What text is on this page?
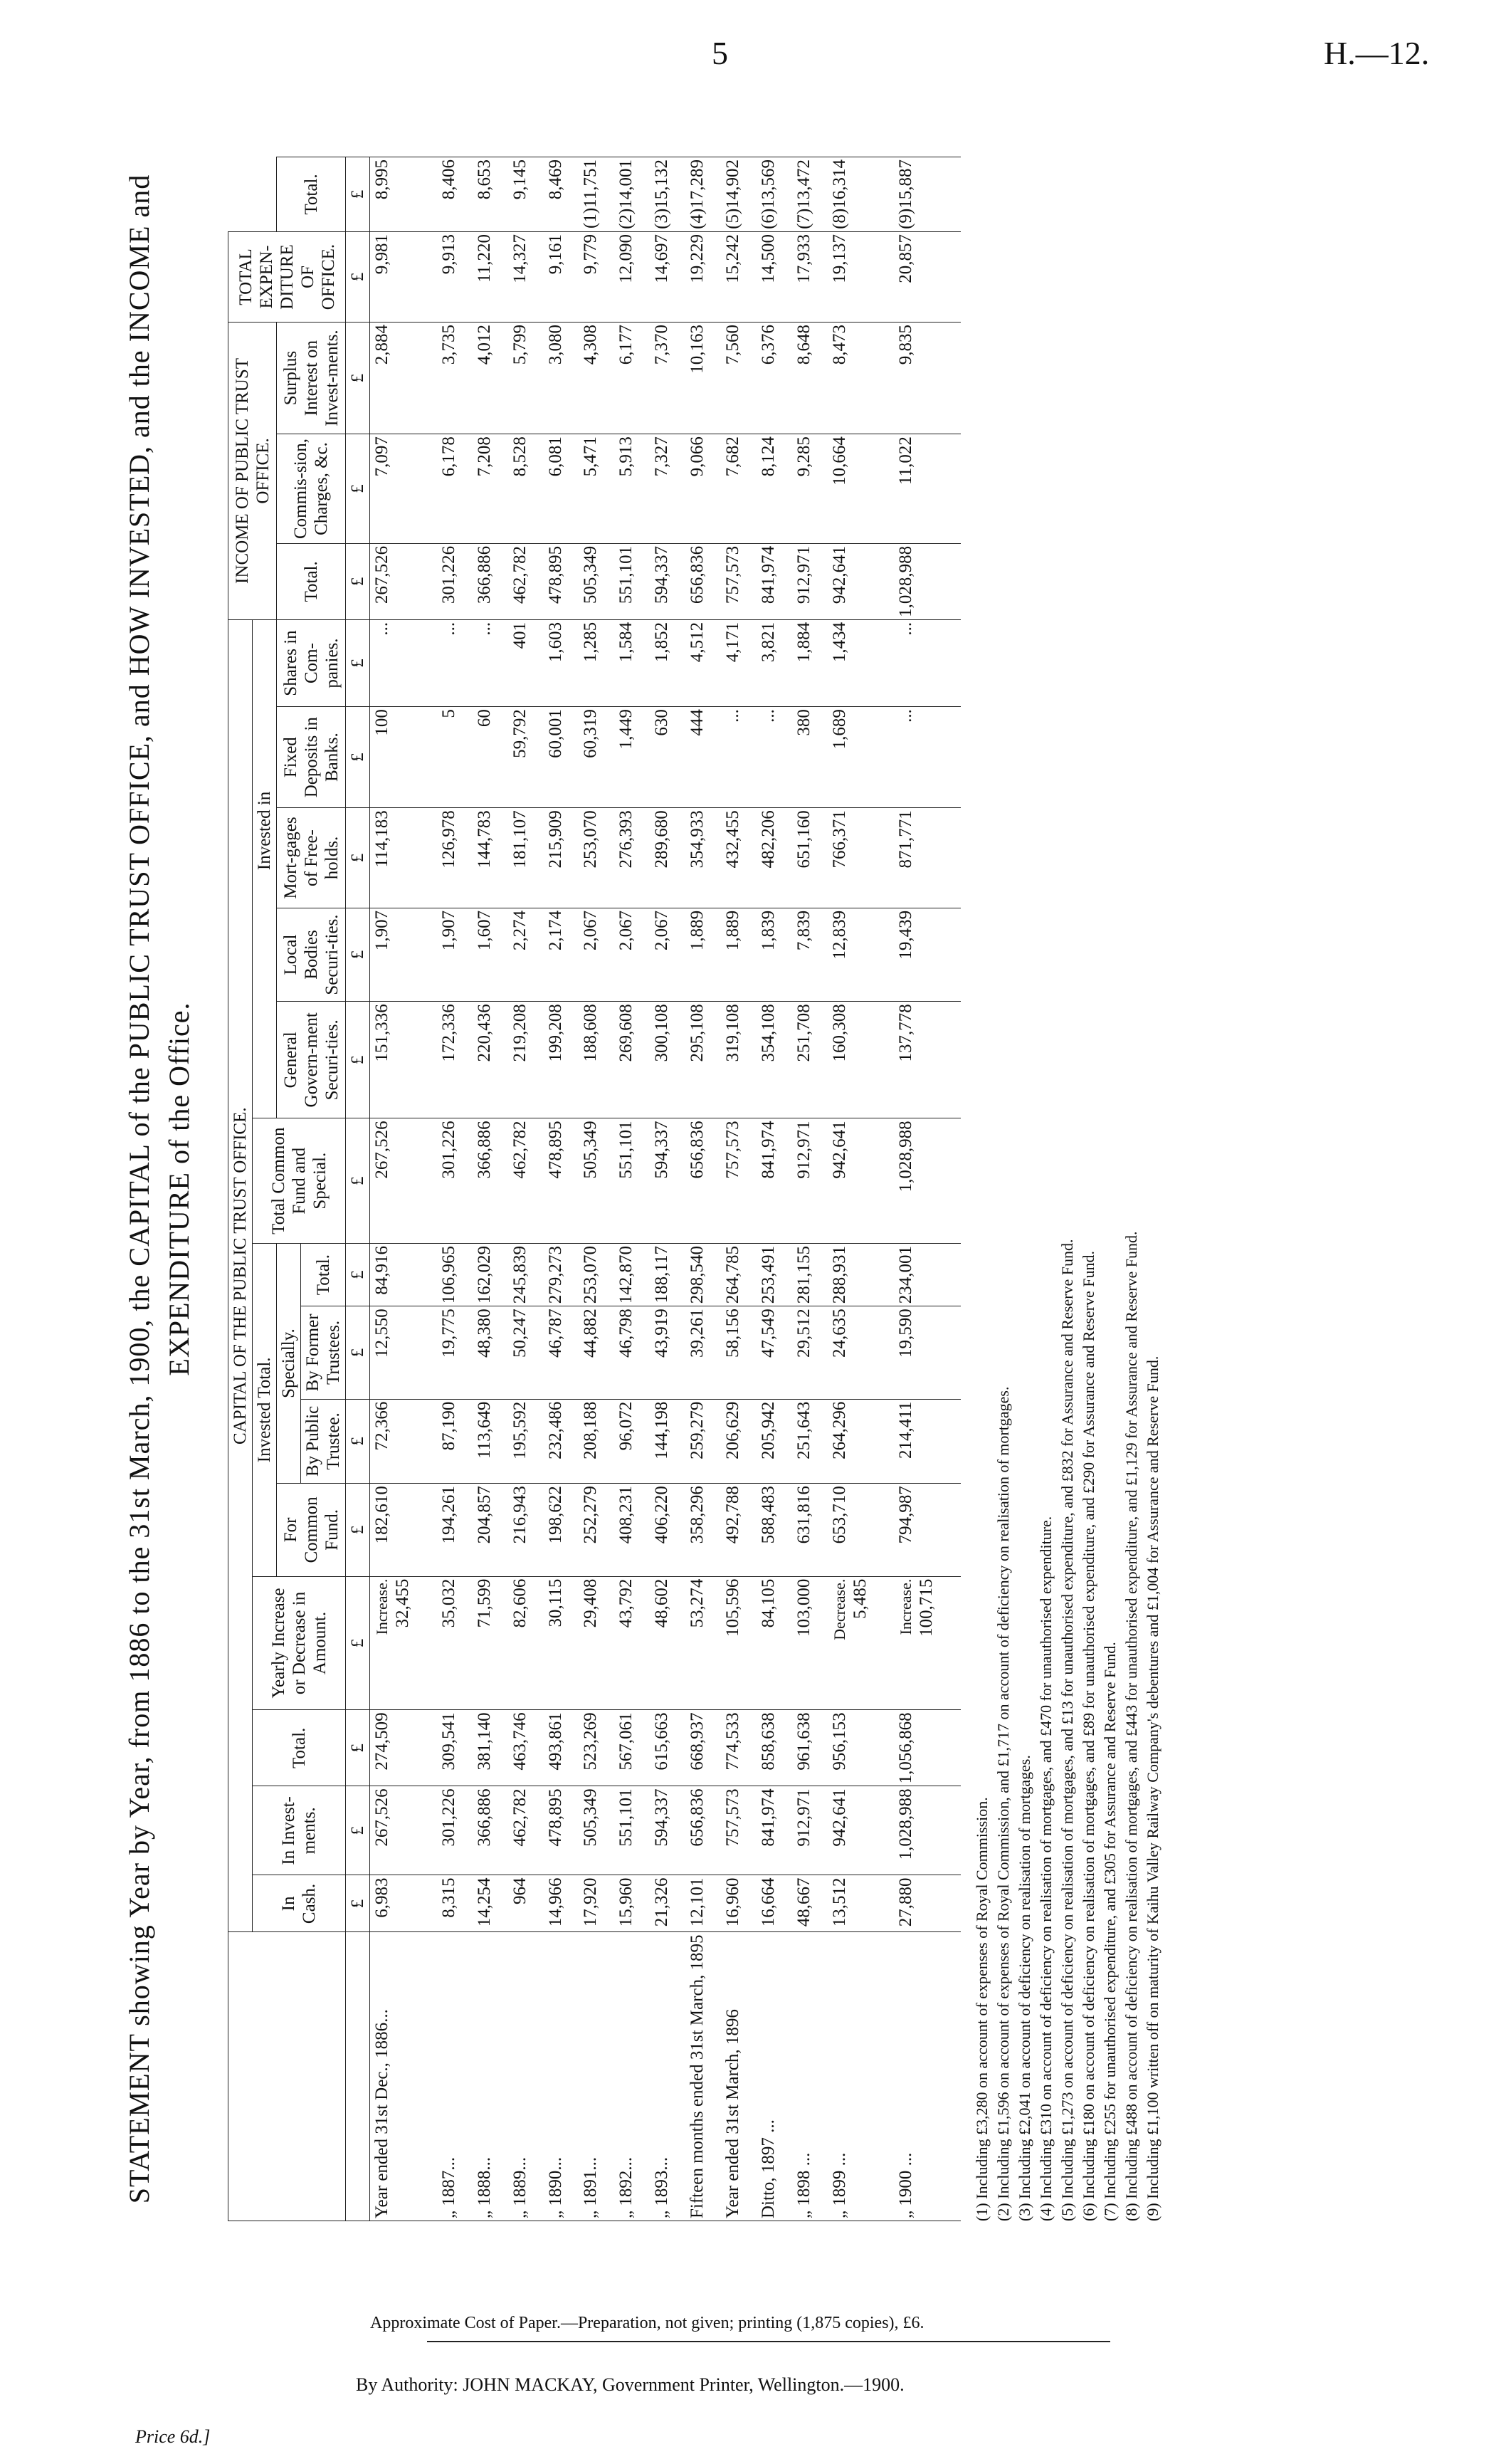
5	H.—12.
STATEMENT showing Year by Year, from 1886 to the 31st March, 1900, the CAPITAL of the PUBLIC TRUST OFFICE, and HOW INVESTED, and the INCOME and EXPENDITURE of the Office.
	CAPITAL OF THE PUBLIC TRUST OFFICE.														INCOME OF PUBLIC TRUST OFFICE.			TOTAL EXPEN-DITURE OF OFFICE.	
	In Cash.	In Invest-ments.	Total.	Yearly Increase or Decrease in Amount.	Invested Total.				Total Common Fund and Special.	Invested in									
					For Common Fund.	Specially.				General Govern-ment Securi-ties.	Local Bodies Securi-ties.	Mort-gages of Free-holds.	Fixed Deposits in Banks.	Shares in Com-panies.	Total.	Commis-sion, Charges, &c.	Surplus Interest on Invest-ments.		Total.
						By Public Trustee.	By Former Trustees.	Total.											
	£	£	£	£	£	£	£	£	£	£	£	£	£	£	£	£	£	£	£
Year ended 31st Dec., 1886...	6,983	267,526	274,509	Increase. 32,455	182,610	72,366	12,550	84,916	267,526	151,336	1,907	114,183	100	...	267,526	7,097	2,884	9,981	8,995
„ 1887...	8,315	301,226	309,541	35,032	194,261	87,190	19,775	106,965	301,226	172,336	1,907	126,978	5	...	301,226	6,178	3,735	9,913	8,406
„ 1888...	14,254	366,886	381,140	71,599	204,857	113,649	48,380	162,029	366,886	220,436	1,607	144,783	60	...	366,886	7,208	4,012	11,220	8,653
„ 1889...	964	462,782	463,746	82,606	216,943	195,592	50,247	245,839	462,782	219,208	2,274	181,107	59,792	401	462,782	8,528	5,799	14,327	9,145
„ 1890...	14,966	478,895	493,861	30,115	198,622	232,486	46,787	279,273	478,895	199,208	2,174	215,909	60,001	1,603	478,895	6,081	3,080	9,161	8,469
„ 1891...	17,920	505,349	523,269	29,408	252,279	208,188	44,882	253,070	505,349	188,608	2,067	253,070	60,319	1,285	505,349	5,471	4,308	9,779	(1)11,751
„ 1892...	15,960	551,101	567,061	43,792	408,231	96,072	46,798	142,870	551,101	269,608	2,067	276,393	1,449	1,584	551,101	5,913	6,177	12,090	(2)14,001
„ 1893...	21,326	594,337	615,663	48,602	406,220	144,198	43,919	188,117	594,337	300,108	2,067	289,680	630	1,852	594,337	7,327	7,370	14,697	(3)15,132
Fifteen months ended 31st March, 1895	12,101	656,836	668,937	53,274	358,296	259,279	39,261	298,540	656,836	295,108	1,889	354,933	444	4,512	656,836	9,066	10,163	19,229	(4)17,289
Year ended 31st March, 1896	16,960	757,573	774,533	105,596	492,788	206,629	58,156	264,785	757,573	319,108	1,889	432,455	...	4,171	757,573	7,682	7,560	15,242	(5)14,902
Ditto, 1897 ...	16,664	841,974	858,638	84,105	588,483	205,942	47,549	253,491	841,974	354,108	1,839	482,206	...	3,821	841,974	8,124	6,376	14,500	(6)13,569
„ 1898 ...	48,667	912,971	961,638	103,000	631,816	251,643	29,512	281,155	912,971	251,708	7,839	651,160	380	1,884	912,971	9,285	8,648	17,933	(7)13,472
„ 1899 ...	13,512	942,641	956,153	Decrease. 5,485	653,710	264,296	24,635	288,931	942,641	160,308	12,839	766,371	1,689	1,434	942,641	10,664	8,473	19,137	(8)16,314
„ 1900 ...	27,880	1,028,988	1,056,868	Increase. 100,715	794,987	214,411	19,590	234,001	1,028,988	137,778	19,439	871,771	...	...	1,028,988	11,022	9,835	20,857	(9)15,887
(1) Including £3,280 on account of expenses of Royal Commission. (2) Including £1,596 on account of expenses of Royal Commission, and £1,717 on account of deficiency on realisation of mortgages. (3) Including £2,041 on account of deficiency on realisation of mortgages. (4) Including £310 on account of deficiency on realisation of mortgages, and £470 for unauthorised expenditure. (5) Including £1,273 on account of deficiency on realisation of mortgages, and £13 for unauthorised expenditure, and £832 for Assurance and Reserve Fund. (6) Including £180 on account of deficiency on realisation of mortgages, and £89 for unauthorised expenditure, and £290 for Assurance and Reserve Fund. (7) Including £255 for unauthorised expenditure, and £305 for Assurance and Reserve Fund. (8) Including £488 on account of deficiency on realisation of mortgages, and £443 for unauthorised expenditure, and £1,129 for Assurance and Reserve Fund. (9) Including £1,100 written off on maturity of Kaihu Valley Railway Company's debentures and £1,004 for Assurance and Reserve Fund.
Approximate Cost of Paper.—Preparation, not given; printing (1,875 copies), £6.
By Authority: JOHN MACKAY, Government Printer, Wellington.—1900.
Price 6d.]
